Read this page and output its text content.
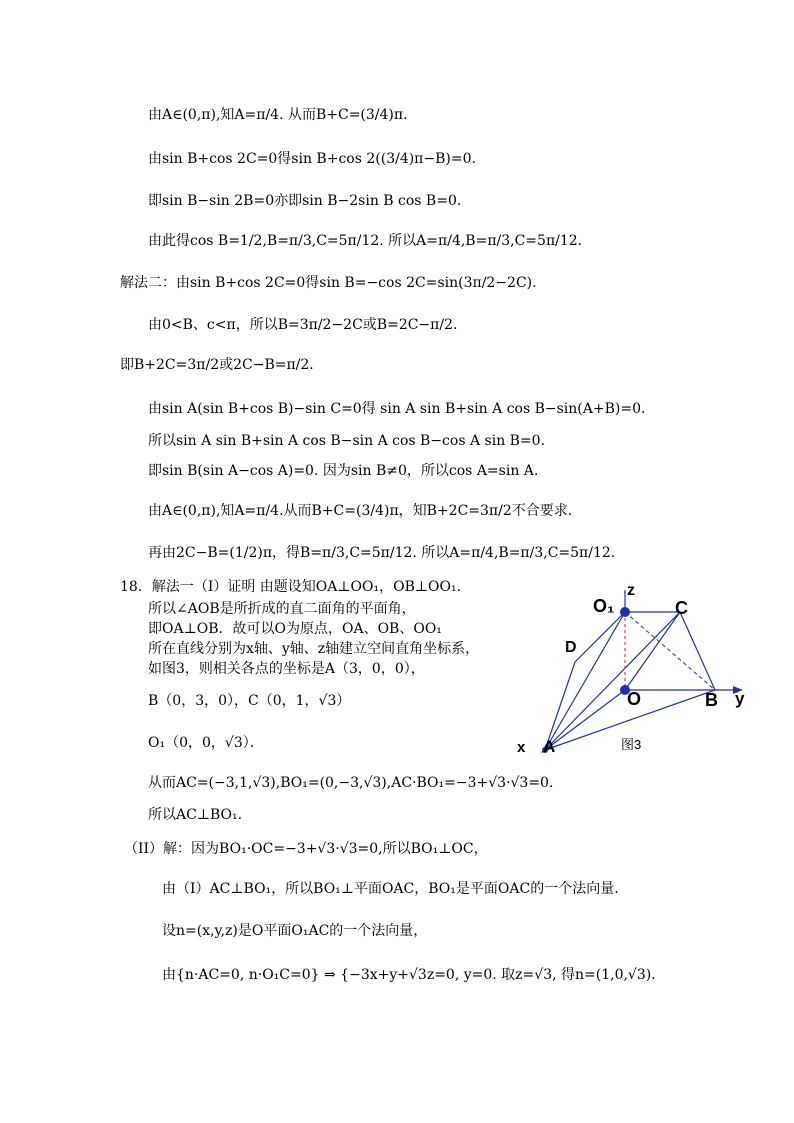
由A∈(0,π),知A=π/4. 从而B+C=(3/4)π.
由sin B+cos 2C=0得sin B+cos 2((3/4)π−B)=0.
即sin B−sin 2B=0亦即sin B−2sin B cos B=0.
由此得cos B=1/2,B=π/3,C=5π/12. 所以A=π/4,B=π/3,C=5π/12.
解法二：由sin B+cos 2C=0得sin B=−cos 2C=sin(3π/2−2C).
由0<B、c<π，所以B=3π/2−2C或B=2C−π/2.
即B+2C=3π/2或2C−B=π/2.
由sin A(sin B+cos B)−sin C=0得 sin A sin B+sin A cos B−sin(A+B)=0.
所以sin A sin B+sin A cos B−sin A cos B−cos A sin B=0.
即sin B(sin A−cos A)=0. 因为sin B≠0，所以cos A=sin A.
由A∈(0,π),知A=π/4.从而B+C=(3/4)π，知B+2C=3π/2不合要求.
再由2C−B=(1/2)π，得B=π/3,C=5π/12. 所以A=π/4,B=π/3,C=5π/12.
18．解法一（I）证明 由题设知OA⊥OO₁，OB⊥OO₁.
所以∠AOB是所折成的直二面角的平面角，
即OA⊥OB．故可以O为原点，OA、OB、OO₁
所在直线分别为x轴、y轴、z轴建立空间直角坐标系，
如图3，则相关各点的坐标是A（3，0，0），
B（0，3，0），C（0，1，√3）
O₁（0，0，√3）．
从而AC=(−3,1,√3),BO₁=(0,−3,√3),AC·BO₁=−3+√3·√3=0.
所以AC⊥BO₁.
（II）解：因为BO₁·OC=−3+√3·√3=0,所以BO₁⊥OC，
由（I）AC⊥BO₁，所以BO₁⊥平面OAC，BO₁是平面OAC的一个法向量.
设n=(x,y,z)是O平面O₁AC的一个法向量，
由{n·AC=0, n·O₁C=0} ⇒ {−3x+y+√3z=0, y=0. 取z=√3, 得n=(1,0,√3).
z
O₁	C
D
O	B y
x A	图3
